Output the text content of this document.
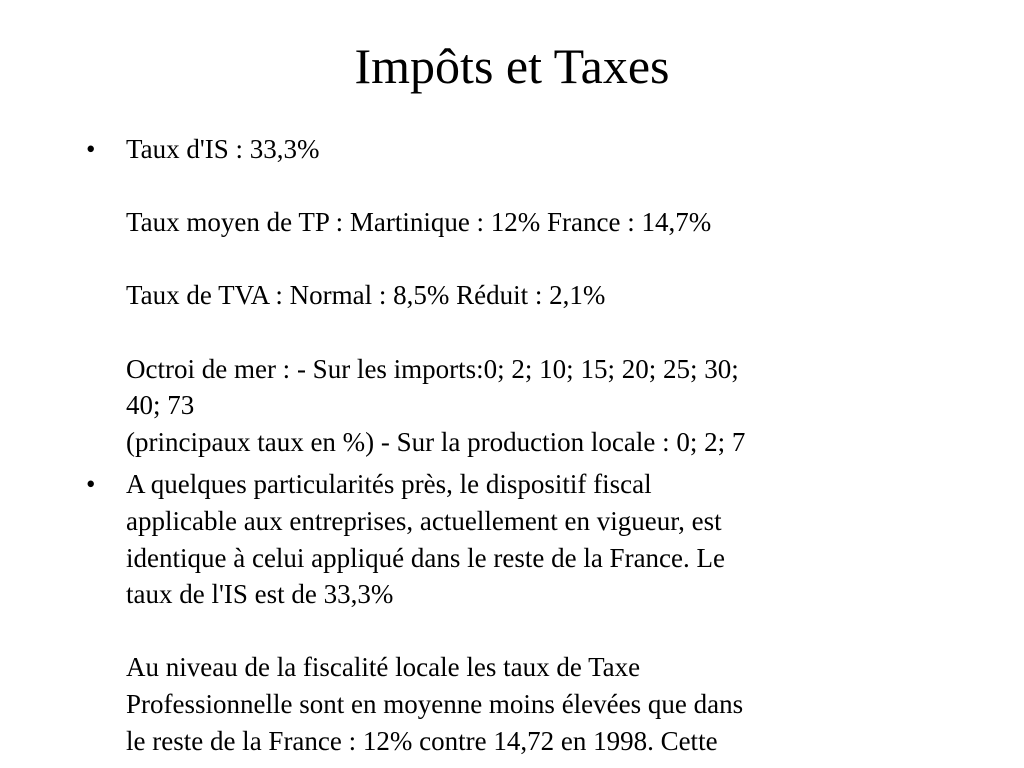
Impôts et Taxes
• Taux d'IS : 33,3%
Taux moyen de TP : Martinique : 12% France : 14,7%
Taux de TVA : Normal : 8,5% Réduit : 2,1%
Octroi de mer : - Sur les imports:0; 2; 10; 15; 20; 25; 30;
40; 73
(principaux taux en %) - Sur la production locale : 0; 2; 7
• A quelques particularités près, le dispositif fiscal
applicable aux entreprises, actuellement en vigueur, est
identique à celui appliqué dans le reste de la France. Le
taux de l'IS est de 33,3%
Au niveau de la fiscalité locale les taux de Taxe
Professionnelle sont en moyenne moins élevées que dans
le reste de la France : 12% contre 14,72 en 1998. Cette
